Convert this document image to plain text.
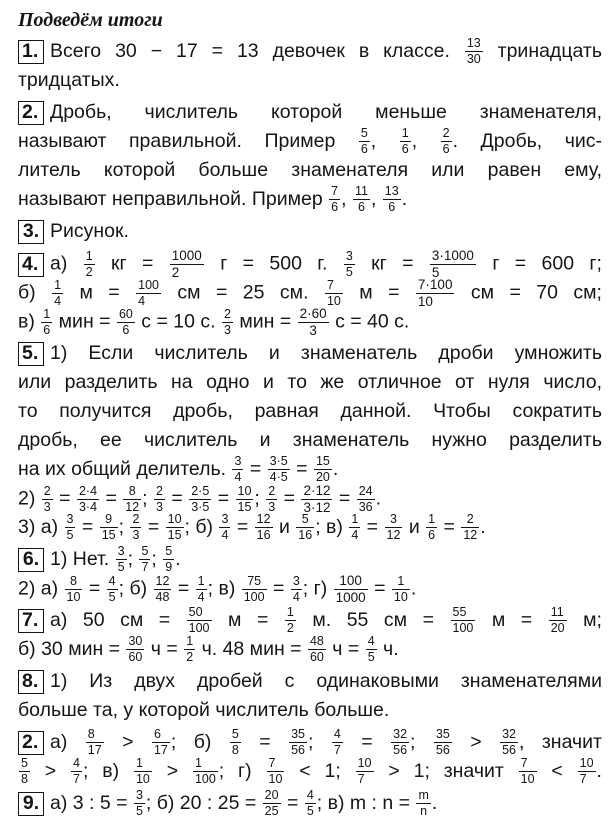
Подведём итоги
1. Всего 30 − 17 = 13 девочек в классе. $\frac{13}{30}$ тринадцать
тридцатых.
2. Дробь, числитель которой меньше знаменателя,
называют правильной. Пример $\frac{5}{6}$ , $\frac{1}{6}$ , $\frac{2}{6}$ . Дробь, чис-
литель которой больше знаменателя или равен ему,
называют неправильной. Пример $\frac{7}{6}$ , $\frac{11}{6}$ , $\frac{13}{6}$ .
3. Рисунок.
4. $а) \frac{1}{2}$ кг = $\frac{1000}{2}$ г = 500 г. $\frac{3}{5}$ кг = $\frac{3\cdot 1000}{5}$ г = 600 г;
$б) \frac{1}{4}$ $м = \frac{100}{4}$ см = 25 см. $\frac{7}{10}$ $м = \frac{7\cdot 100}{10}$ см = 70 см;
$в) \frac{1}{6}$ мин = $\frac{60}{6}$ с = 10 с. $\frac{2}{3}$ мин = $\frac{2\cdot 60}{3}$ с = 40 с.
5. 1) Если числитель и знаменатель дроби умножить
или разделить на одно и то же отличное от нуля число,
то получится дробь, равная данной. Чтобы сократить
дробь, ее числитель и знаменатель нужно разделить
на их общий делитель. $\frac{3}{4} = \frac{3\cdot 5}{4\cdot 5} = \frac{15}{20}$ .
$2) \frac{2}{3} = \frac{2\cdot 4}{3\cdot 4} = \frac{8}{12}$ ; $\frac{2}{3} = \frac{2\cdot 5}{3\cdot 5} = \frac{10}{15}$ ; $\frac{2}{3} = \frac{2\cdot 12}{3\cdot 12} = \frac{24}{36}$ .
3) $а) \frac{3}{5} = \frac{9}{15}$ ; $\frac{2}{3} = \frac{10}{15}$ ; $б) \frac{3}{4} = \frac{12}{16}$ и $\frac{5}{16}$ ; $в) \frac{1}{4} = \frac{3}{12}$ и $\frac{1}{6} = \frac{2}{12}$ .
6. 1) Нет. $\frac{3}{5}$ ; $\frac{5}{7}$ ; $\frac{5}{9}$ .
2) $а) \frac{8}{10} = \frac{4}{5}$ ; $б) \frac{12}{48} = \frac{1}{4}$ ; $в) \frac{75}{100} = \frac{3}{4}$ ; $г) \frac{100}{1000} = \frac{1}{10}$ .
7. а) 50 см = $\frac{50}{100}$ $м = \frac{1}{2} м$. 55 см = $\frac{55}{100}$ $м = \frac{11}{20} м$;
б) 30 мин = $\frac{30}{60}$ $ч = \frac{1}{2} ч$. 48 мин = $\frac{48}{60}$ $ч = \frac{4}{5} ч$.
8. 1) Из двух дробей с одинаковыми знаменателями
больше та, у которой числитель больше.
2. $а) \frac{8}{17} > \frac{6}{17}$ ; $б) \frac{5}{8} = \frac{35}{56}$ ; $\frac{4}{7} = \frac{32}{56}$ ; $\frac{35}{56} > \frac{32}{56}$ , значит
$\frac{5}{8} > \frac{4}{7}$ ; $в) \frac{1}{10} > \frac{1}{100}$ ; $г) \frac{7}{10} < 1$; $\frac{10}{7} > 1$; значит $\frac{7}{10} < \frac{10}{7}$ .
9. а) 3 : $5 = \frac{3}{5}$ ; б) 20 : $25 = \frac{20}{25} = \frac{4}{5}$ ; в) m : $n = \frac{m}{n}$ .
